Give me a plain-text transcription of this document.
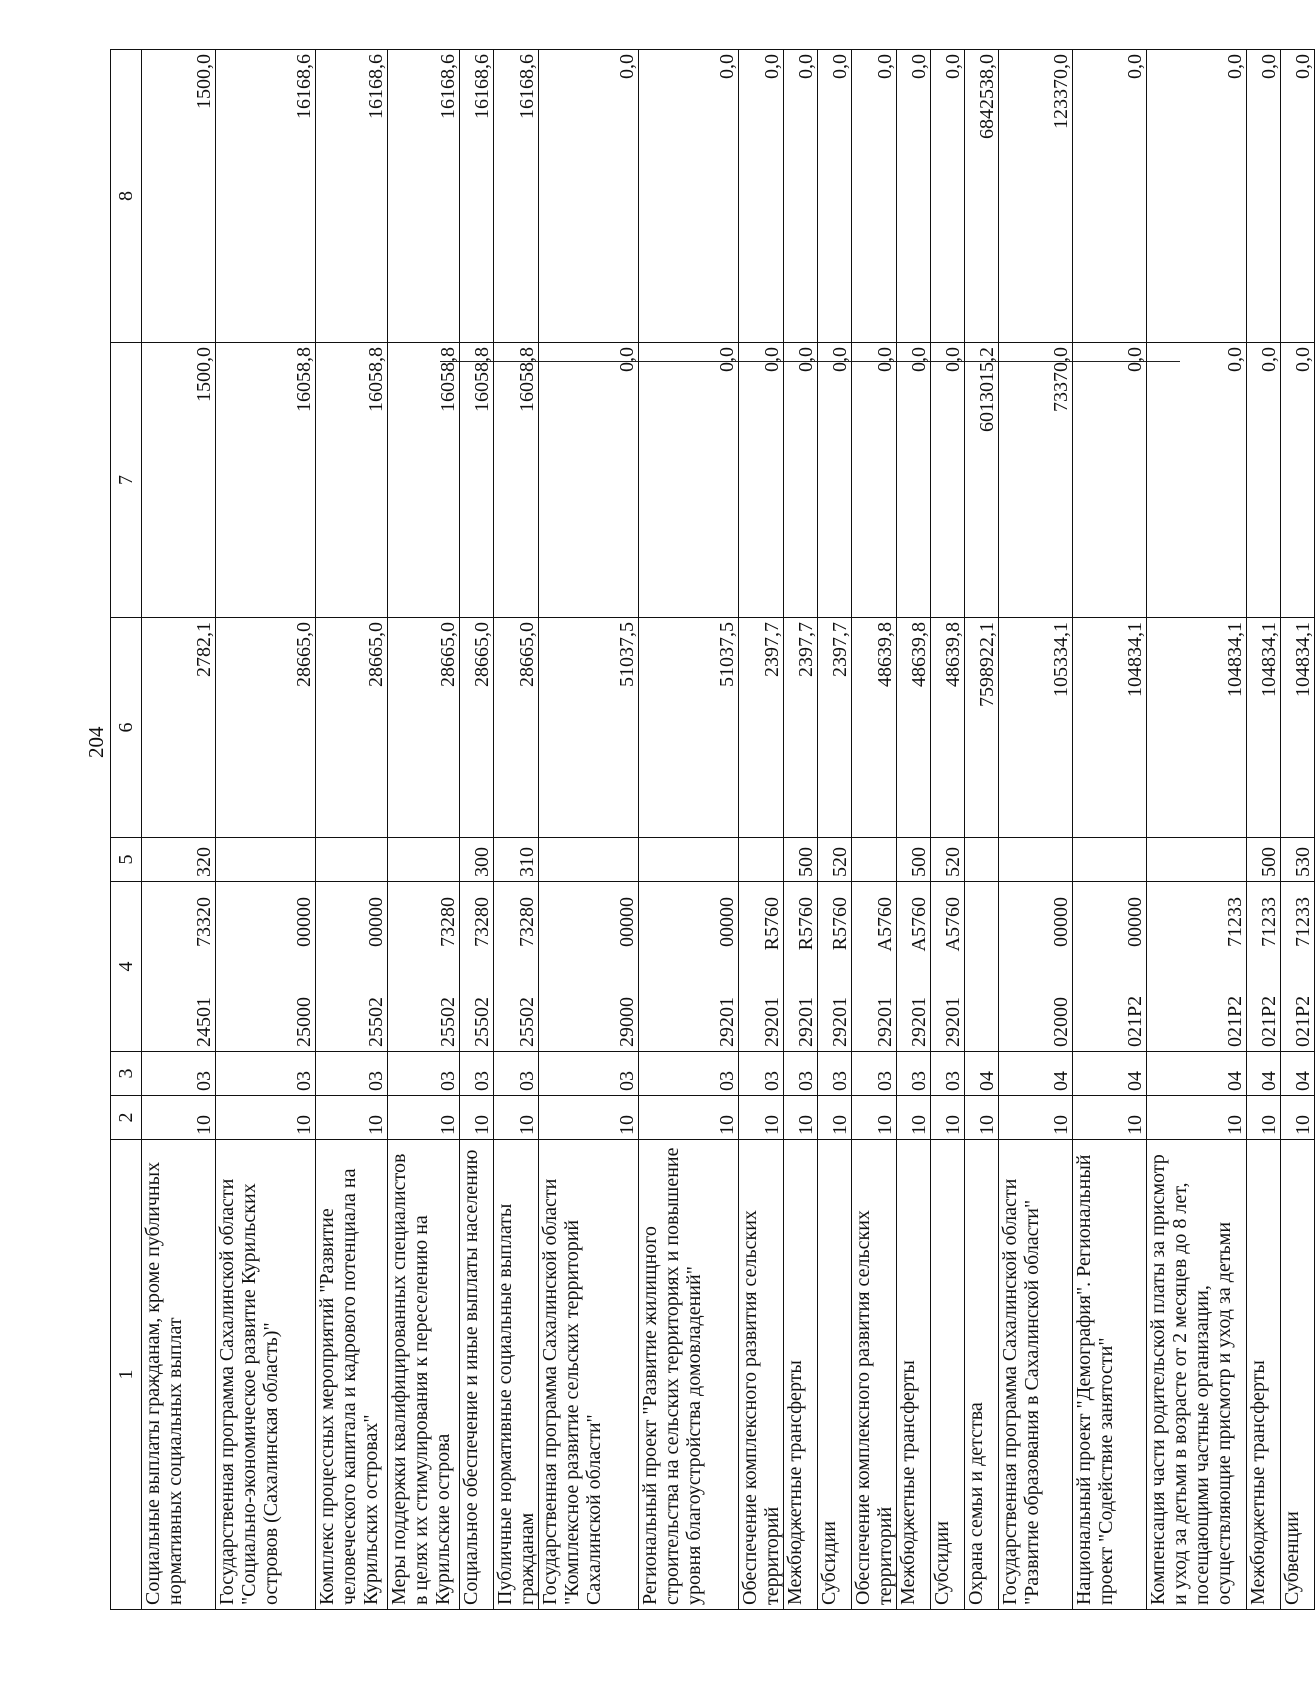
204
1	2	3	4	5	6	7	8
Социальные выплаты гражданам, кроме публичных нормативных социальных выплат	10	03	2450173320	320	2782,1	1500,0	1500,0
Государственная программа Сахалинской области "Социально-экономическое развитие Курильских островов (Сахалинская область)"	10	03	2500000000		28665,0	16058,8	16168,6
Комплекс процессных мероприятий "Развитие человеческого капитала и кадрового потенциала на Курильских островах"	10	03	2550200000		28665,0	16058,8	16168,6
Меры поддержки квалифицированных специалистов в целях их стимулирования к переселению на Курильские острова	10	03	2550273280		28665,0	16058,8	16168,6
Социальное обеспечение и иные выплаты населению	10	03	2550273280	300	28665,0	16058,8	16168,6
Публичные нормативные социальные выплаты гражданам	10	03	2550273280	310	28665,0	16058,8	16168,6
Государственная программа Сахалинской области "Комплексное развитие сельских территорий Сахалинской области"	10	03	2900000000		51037,5	0,0	0,0
Региональный проект "Развитие жилищного строительства на сельских территориях и повышение уровня благоустройства домовладений"	10	03	2920100000		51037,5	0,0	0,0
Обеспечение комплексного развития сельских территорий	10	03	29201R5760		2397,7	0,0	0,0
Межбюджетные трансферты	10	03	29201R5760	500	2397,7	0,0	0,0
Субсидии	10	03	29201R5760	520	2397,7	0,0	0,0
Обеспечение комплексного развития сельских территорий	10	03	29201A5760		48639,8	0,0	0,0
Межбюджетные трансферты	10	03	29201A5760	500	48639,8	0,0	0,0
Субсидии	10	03	29201A5760	520	48639,8	0,0	0,0
Охрана семьи и детства	10	04			7598922,1	6013015,2	6842538,0
Государственная программа Сахалинской области "Развитие образования в Сахалинской области"	10	04	0200000000		105334,1	73370,0	123370,0
Национальный проект "Демография". Региональный проект "Содействие занятости"	10	04	021P200000		104834,1	0,0	0,0
Компенсация части родительской платы за присмотр и уход за детьми в возрасте от 2 месяцев до 8 лет, посещающими частные организации, осуществляющие присмотр и уход за детьми	10	04	021P271233		104834,1	0,0	0,0
Межбюджетные трансферты	10	04	021P271233	500	104834,1	0,0	0,0
Субвенции	10	04	021P271233	530	104834,1	0,0	0,0
